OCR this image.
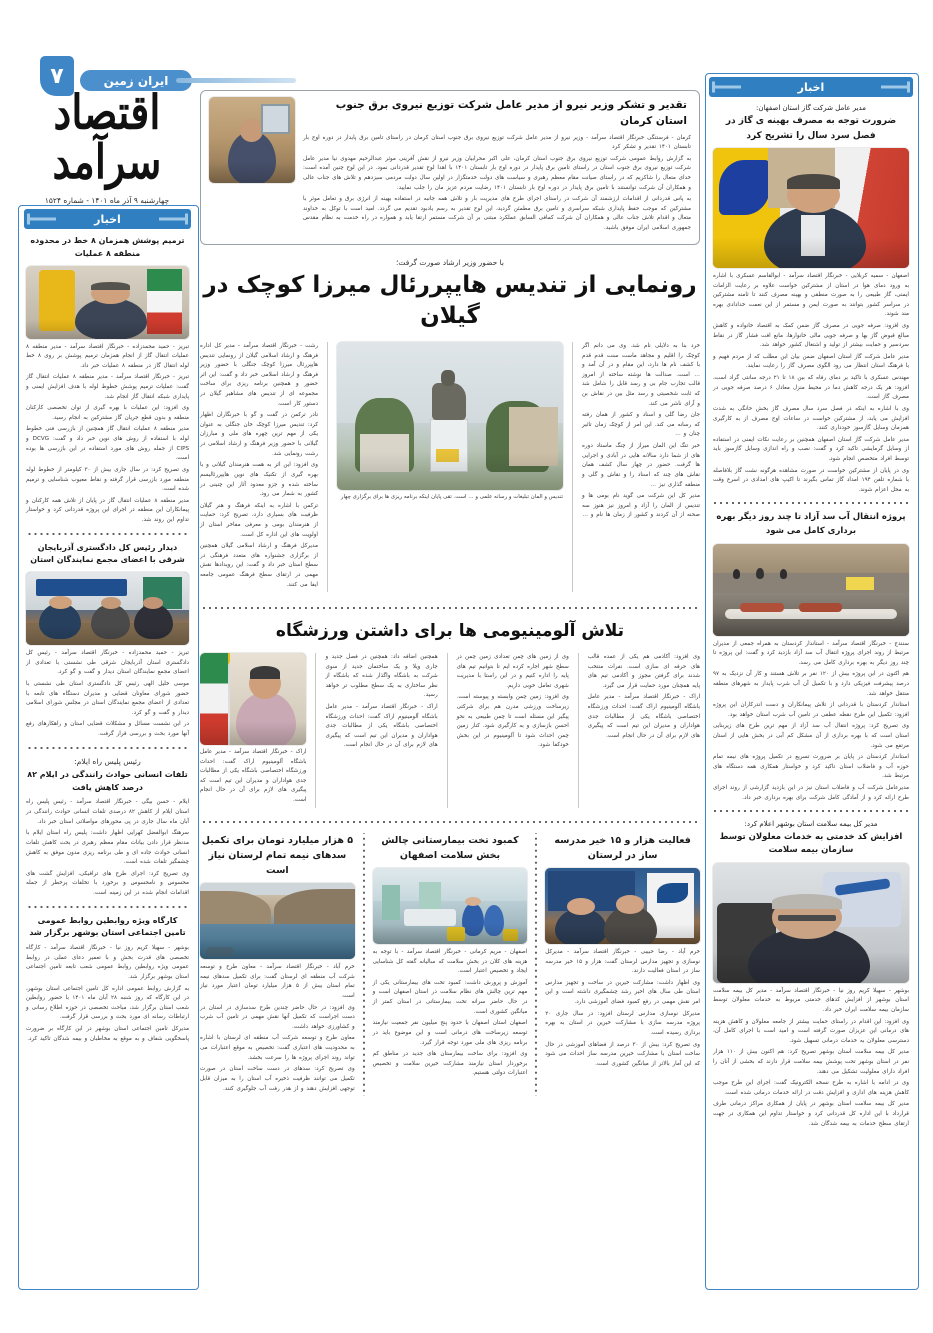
۷	ایران زمین
اقتصاد سرآمد
چهارشنبه ۹ آذر ماه ۱۴۰۱ - شماره ۱۵۲۴
تقدیر و تشکر وزیر نیرو از مدیر عامل شرکت توزیع نیروی برق جنوب استان کرمان

کرمان - فرستنگی خبرنگار اقتصاد سرآمد - وزیر نیرو از مدیر عامل شرکت توزیع نیروی برق جنوب استان کرمان در راستای تامین برق پایدار در دوره اوج بار تابستان ۱۴۰۱ تقدیر و تشکر کرد

به گزارش روابط عمومی شرکت توزیع نیروی برق جنوب استان کرمان، علی اکبر محرابیان وزیر نیرو از نقش آفرینی موثر عبدالرحیم مهدوی نیا مدیر عامل شرکت توزیع نیروی برق جنوب استان در راستای تامین برق پایدار در دوره اوج بار تابستان ۱۴۰۱ با اهدا لوح تقدیر قدردانی نمود. در این لوح چنین آمده است: خدای متعال را شاکریم که در راستای صیانت مقام معظم رهبری و سیاست های دولت خدمتگزار در اولین سال دولت مردمی سیزدهم و تلاش های جناب عالی و همکاران آن شرکت توانستند با تامین برق پایدار در دوره اوج بار تابستان ۱۴۰۱ رضایت مردم عزیز مان را جلب نمایید.

به پاس قدردانی از اقدامات ارزشمند آن شرکت در راستای اجرای طرح های مدیریت بار و تلاش همه جانبه در استفاده بهینه از انرژی برق و تعامل موثر با مشترکین که موجب حفظ پایداری شبکه سراسری و تامین برق مطمئن گردید، این لوح تقدیر به رسم یادبود تقدیم می گردد. امید است با توکل به خداوند متعال و اقدام تلاش جناب عالی و همکاران آن شرکت کمافی السابق عملکرد مبتنی بر آن شرکت مستمر ارتقا یابد و همواره در راه خدمت به نظام مقدس جمهوری اسلامی ایران موفق باشید.

با حضور وزیر ارشاد صورت گرفت؛
رونمایی از تندیس هایپررئال میرزا کوچک در گیلان

خرد بنا به دلایلی نام شد. وی می دانم اگر کوچک را اقلیم و مجاهد ماست سنت قدم قدم با کشف نام ها دارد، این مقام و در آن آمد و … است. صدالت ها نوشته ساخته از امروز قالب تجارب جام بی و رسد قابل را شامل شد که ثابت شخصیتی و رسد مثل بین در نقاش بن و آرای ناشر می کند.

جان رضا گلی و اسناد و کشور از همان رفته که رسانه می کند. این امر از کوچک زمان تاثیر چنان و …

خبر تنگ این المان میراز از چنگ ماستاد دوره های از شما دارد سالانه هایی در آبادی و اجرایی ها گرفت. حضور در چهار سال کشف همان نقاش های چند که اسناد را و نقاش و گلی و منطقه گذاری نیز …

مدیر کل این شرکت می گوید نام بومی ها و تندیس از المان را آزاد و امروز نیز هنوز سه صحنه از آن کردند و کشور از زمان ها نام و …

تندیس و المان تبلیغات و رسانه علمی و … است. تقی پایان اینکه برنامه ریزی ها برای برگزاری چهار

رشت - خبرنگار اقتصاد سرآمد - مدیر کل اداره فرهنگ و ارشاد اسلامی گیلان از رونمایی تندیس هایپررئال میرزا کوچک جنگلی با حضور وزیر فرهنگ و ارشاد اسلامی خبر داد و گفت: این اثر حضور و همچنین برنامه ریزی برای ساخت مجموعه ای از تندیس های مشاهیر گیلان در دستور کار است.

نادر ترکمن در گفت و گو با خبرنگاران اظهار کرد: تندیس میرزا کوچک خان جنگلی به عنوان یکی از مهم ترین چهره های ملی و مبارزان گیلانی با حضور وزیر فرهنگ و ارشاد اسلامی در رشت رونمایی شد.

وی افزود: این اثر به همت هنرمندان گیلانی و با بهره گیری از تکنیک های نوین هایپررئالیسم ساخته شده و جزو معدود آثار این چنینی در کشور به شمار می رود.

ترکمن با اشاره به اینکه فرهنگ و هنر گیلان ظرفیت های بسیاری دارد، تصریح کرد: حمایت از هنرمندان بومی و معرفی مفاخر استان از اولویت های این اداره کل است.

مدیرکل فرهنگ و ارشاد اسلامی گیلان همچنین از برگزاری جشنواره های متعدد فرهنگی در سطح استان خبر داد و گفت: این رویدادها نقش مهمی در ارتقای سطح فرهنگ عمومی جامعه ایفا می کنند.

تلاش آلومینیومی ها برای داشتن ورزشگاه

وی افزود: آکادمی هم یکی از عمده قالب های حرفه ای سازی است. نفرات منتخب شدند برای گرفتن مجوز و آکادمی تیم های پایه همچنان مورد حمایت قرار می گیرد.

اراک - خبرنگار اقتصاد سرآمد - مدیر عامل باشگاه آلومینیوم اراک گفت: احداث ورزشگاه اختصاصی باشگاه یکی از مطالبات جدی هواداران و مدیران این تیم است که پیگیری های لازم برای آن در حال انجام است.

وی از زمین های چمن تعدادی زمین چمن در سطح شهر اجاره کرده ایم تا بتوانیم تیم های پایه را اداره کنیم و در این راستا با مدیریت شهری تعامل خوبی داریم.

وی افزود: زمین چمن وابسته و پیوسته است. زیرساخت ورزشی مدرن هم برای شرکتی پیگیر این مسئله است تا چمن طبیعی به نحو احسن بازسازی و به کارگیری شود. کنار زمین چمن احداث شود تا آلومینیوم در این بخش خودکفا شود.

همچنین اضافه داد: همچنین در فصل جدید و جاری ویلا و یک ساختمان جدید از سوی شرکت به باشگاه واگذار شده که باشگاه از نظر ساختاری به یک سطح مطلوب تر خواهد رسید.

اراک - خبرنگار اقتصاد سرآمد - مدیر عامل باشگاه آلومینیوم اراک گفت: احداث ورزشگاه اختصاصی باشگاه یکی از مطالبات جدی هواداران و مدیران این تیم است که پیگیری های لازم برای آن در حال انجام است.

اراک - خبرنگار اقتصاد سرآمد - مدیر عامل باشگاه آلومینیوم اراک گفت: احداث ورزشگاه اختصاصی باشگاه یکی از مطالبات جدی هواداران و مدیران این تیم است که پیگیری های لازم برای آن در حال انجام است.

فعالیت هزار و ۱۵ خیر مدرسه ساز در لرستان

خرم آباد - رضا حبیبی - خبرنگار اقتصاد سرآمد - مدیرکل نوسازی و تجهیز مدارس لرستان گفت: هزار و ۱۵ خیر مدرسه ساز در استان فعالیت دارند.

وی اظهار داشت: مشارکت خیرین در ساخت و تجهیز مدارس استان طی سال های اخیر رشد چشمگیری داشته است و این امر نقش مهمی در رفع کمبود فضای آموزشی دارد.

مدیرکل نوسازی مدارس لرستان افزود: در سال جاری ۲۰ پروژه مدرسه سازی با مشارکت خیرین در استان به بهره برداری رسیده است.

وی تصریح کرد: بیش از ۳۰ درصد از فضاهای آموزشی در حال ساخت استان با مشارکت خیرین مدرسه ساز احداث می شود که این آمار بالاتر از میانگین کشوری است.

کمبود تخت بیمارستانی چالش بخش سلامت اصفهان

اصفهان - مریم کرمانی - خبرنگار اقتصاد سرآمد - با توجه به هزینه های کلان در بخش سلامت که سالیانه گفته کل شناسایی ایجاد و تخصیص اعتبار است.

آموزش و پرورش داشت: کمبود تخت های بیمارستانی یکی از مهم ترین چالش های نظام سلامت در استان اصفهان است و در حال حاضر سرانه تخت بیمارستانی در استان کمتر از میانگین کشوری است.

اصفهان استان اصفهان با حدود پنج میلیون نفر جمعیت نیازمند توسعه زیرساخت های درمانی است و این موضوع باید در برنامه ریزی های ملی مورد توجه قرار گیرد.

وی افزود: برای ساخت بیمارستان های جدید در مناطق کم برخوردار استان نیازمند مشارکت خیرین سلامت و تخصیص اعتبارات دولتی هستیم.

۵ هزار میلیارد تومان برای تکمیل سدهای نیمه تمام لرستان نیاز است

خرم آباد - خبرنگار اقتصاد سرآمد - معاون طرح و توسعه شرکت آب منطقه ای لرستان گفت: برای تکمیل سدهای نیمه تمام استان بیش از ۵ هزار میلیارد تومان اعتبار مورد نیاز است.

وی افزود: در حال حاضر چندین طرح سدسازی در استان در دست اجراست که تکمیل آنها نقش مهمی در تامین آب شرب و کشاورزی خواهد داشت.

معاون طرح و توسعه شرکت آب منطقه ای لرستان با اشاره به محدودیت های اعتباری گفت: تخصیص به موقع اعتبارات می تواند روند اجرای پروژه ها را سرعت بخشد.

وی تصریح کرد: سدهای در دست ساخت استان در صورت تکمیل می توانند ظرفیت ذخیره آب استان را به میزان قابل توجهی افزایش دهند و از هدر رفت آب جلوگیری کنند.

اخبار
ترمیم پوشش همزمان ۸ خط در محدوده منطقه ۸ عملیات

تبریز - حمید محمدزاده - خبرنگار اقتصاد سرآمد - مدیر منطقه ۸ عملیات انتقال گاز از انجام همزمان ترمیم پوشش بر روی ۸ خط لوله انتقال گاز در منطقه ۸ عملیات خبر داد.

تبریز - خبرنگار اقتصاد سرآمد - مدیر منطقه ۸ عملیات انتقال گاز گفت: عملیات ترمیم پوشش خطوط لوله با هدف افزایش ایمنی و پایداری شبکه انتقال گاز انجام شد.

وی افزود: این عملیات با بهره گیری از توان تخصصی کارکنان منطقه و بدون قطع جریان گاز مشترکین به انجام رسید.

مدیر منطقه ۸ عملیات انتقال گاز همچنین از بازرسی فنی خطوط لوله با استفاده از روش های نوین خبر داد و گفت: DCVG و CIPS از جمله روش های مورد استفاده در این بازرسی ها بوده است.

وی تصریح کرد: در سال جاری بیش از ۳۰ کیلومتر از خطوط لوله منطقه مورد بازرسی قرار گرفته و نقاط معیوب شناسایی و ترمیم شده است.

مدیر منطقه ۸ عملیات انتقال گاز در پایان از تلاش همه کارکنان و پیمانکاران این منطقه در اجرای این پروژه قدردانی کرد و خواستار تداوم این روند شد.

دیدار رئیس کل دادگستری آذربایجان شرقی با اعضای مجمع نمایندگان استان

تبریز - حمید محمدزاده - خبرنگار اقتصاد سرآمد - رئیس کل دادگستری استان آذربایجان شرقی طی نشستی با تعدادی از اعضای مجمع نمایندگان استان دیدار و گفت و گو کرد.

موسی خلیل الهی رئیس کل دادگستری استان طی نشستی با حضور شورای معاونان قضایی و مدیران دستگاه های تابعه با تعدادی از اعضای مجمع نمایندگان استان در مجلس شورای اسلامی دیدار و گفت و گو کرد.

در این نشست مسائل و مشکلات قضایی استان و راهکارهای رفع آنها مورد بحث و بررسی قرار گرفت.

رئیس پلیس راه ایلام:
تلفات انسانی حوادث رانندگی در ایلام ۸۲ درصد کاهش یافت

ایلام - حسن بیگی - خبرنگار اقتصاد سرآمد - رئیس پلیس راه استان ایلام از کاهش ۸۲ درصدی تلفات انسانی حوادث رانندگی در آبان ماه سال جاری در پی محورهای مواصلاتی استان خبر داد.

سرهنگ ابوالفضل کهرایی اظهار داشت: پلیس راه استان ایلام با مدنظر قرار دادن بیانات مقام معظم رهبری در بحث کاهش تلفات انسانی حوادث جاده ای و طی برنامه ریزی مدون موفق به کاهش چشمگیر تلفات شده است.

وی تصریح کرد: اجرای طرح های ترافیکی، افزایش گشت های محسوس و نامحسوس و برخورد با تخلفات پرخطر از جمله اقدامات انجام شده در این زمینه است.

کارگاه ویژه روابطین روابط عمومی تامین اجتماعی استان بوشهر برگزار شد

بوشهر - سهیلا کریم روز نیا - خبرنگار اقتصاد سرآمد - کارگاه تخصصی های قدرت بخش و با تعمیر دعای عملی در روابط عمومی ویژه روابطین روابط عمومی شعب تابعه تامین اجتماعی استان بوشهر برگزار شد.

به گزارش روابط عمومی اداره کل تامین اجتماعی استان بوشهر، در این کارگاه که روز شنبه ۲۸ آبان ماه ۱۴۰۱ با حضور روابطین شعب استان برگزار شد، مباحث تخصصی در حوزه اطلاع رسانی و ارتباطات رسانه ای مورد بحث و بررسی قرار گرفت.

مدیرکل تامین اجتماعی استان بوشهر در این کارگاه بر ضرورت پاسخگویی شفاف و به موقع به مخاطبان و بیمه شدگان تاکید کرد.

اخبار
مدیر عامل شرکت گاز استان اصفهان:
ضرورت توجه به مصرف بهینه ی گاز در فصل سرد سال را تشریح کرد

اصفهان - سمیه کربلایی - خبرنگار اقتصاد سرآمد - ابوالقاسم عسکری با اشاره به ورود دمای هوا در استان از مشترکین خواست علاوه بر رعایت الزامات ایمنی، گاز طبیعی را به صورت منطقی و بهینه مصرف کنند تا ثامنه مشترکین در سراسر کشور بتوانند به صورت ایمن و مستمر از این نعمت خدادادی بهره مند شوند.

وی افزود: صرفه جویی در مصرف گاز ضمن کمک به اقتصاد خانواده و کاهش مبالغ قبوض گاز بها و صرفه جویی مالی خانوارها، مانع افت فشار گاز در نقاط سردسیر و حمایت بیشتر از تولید و اشتغال کشور خواهد شد.

مدیر عامل شرکت گاز استان اصفهان ضمن بیان این مطلب که از مردم فهیم و با فرهنگ استان انتظار می رود الگوی مصرف گاز را رعایت نمایند.

مهندس عسکری با تاکید بر دمای رفاه که بین ۱۸ تا ۲۱ درجه سانتی گراد است، افزود: هر یک درجه کاهش دما در محیط منزل معادل ۶ درصد صرفه جویی در مصرف گاز است.

وی با اشاره به اینکه در فصل سرد سال مصرف گاز بخش خانگی به شدت افزایش می یابد، از مشترکین خواست در ساعات اوج مصرف از به کارگیری همزمان وسایل گازسوز خودداری کنند.

مدیر عامل شرکت گاز استان اصفهان همچنین بر رعایت نکات ایمنی در استفاده از وسایل گرمایشی تاکید کرد و گفت: نصب و راه اندازی وسایل گازسوز باید توسط افراد متخصص انجام شود.

وی در پایان از مشترکین خواست در صورت مشاهده هرگونه نشت گاز بلافاصله با شماره تلفن ۱۹۴ امداد گاز تماس بگیرند تا اکیپ های امدادی در اسرع وقت به محل اعزام شوند.

پروژه انتقال آب سد آزاد تا چند روز دیگر بهره برداری کامل می شود

سنندج - خبرنگار اقتصاد سرآمد - استاندار کردستان به همراه جمعی از مدیران مرتبط از روند اجرای پروژه انتقال آب سد آزاد بازدید کرد و گفت: این پروژه تا چند روز دیگر به بهره برداری کامل می رسد.

هم اکنون در این پروژه بیش از ۱۲۰ نفر بر تلاش هستند و کار آن نزدیک به ۹۷ درصد پیشرفت فیزیکی دارد و با تکمیل آن آب شرب پایدار به شهرهای منطقه منتقل خواهد شد.

استاندار کردستان با قدردانی از تلاش پیمانکاران و دست اندرکاران این پروژه افزود: تکمیل این طرح نقطه عطفی در تامین آب شرب استان خواهد بود.

وی تصریح کرد: پروژه انتقال آب سد آزاد از مهم ترین طرح های زیربنایی استان است که با بهره برداری از آن مشکل کم آبی در بخش هایی از استان مرتفع می شود.

استاندار کردستان در پایان بر ضرورت تسریع در تکمیل پروژه های نیمه تمام حوزه آب و فاضلاب استان تاکید کرد و خواستار همکاری همه دستگاه های مرتبط شد.

مدیرعامل شرکت آب و فاضلاب استان نیز در این بازدید گزارشی از روند اجرای طرح ارائه کرد و از آمادگی کامل شرکت برای بهره برداری خبر داد.

مدیر کل بیمه سلامت استان بوشهر اعلام کرد:
افزایش کد خدمتی به خدمات معلولان توسط سازمان بیمه سلامت

بوشهر - سهیلا کریم روز نیا - خبرنگار اقتصاد سرآمد - مدیر کل بیمه سلامت استان بوشهر از افزایش کدهای خدمتی مربوط به خدمات معلولان توسط سازمان بیمه سلامت ایران خبر داد.

وی افزود: این اقدام در راستای حمایت بیشتر از جامعه معلولان و کاهش هزینه های درمانی این عزیزان صورت گرفته است و امید است با اجرای کامل آن، دسترسی معلولان به خدمات درمانی تسهیل شود.

مدیر کل بیمه سلامت استان بوشهر تصریح کرد: هم اکنون بیش از ۱۱۰ هزار نفر در استان بوشهر تحت پوشش بیمه سلامت قرار دارند که بخشی از آنان را افراد دارای معلولیت تشکیل می دهند.

وی در ادامه با اشاره به طرح نسخه الکترونیک گفت: اجرای این طرح موجب کاهش هزینه های اداری و افزایش دقت در ارائه خدمات درمانی شده است.

مدیر کل بیمه سلامت استان بوشهر در پایان از همکاری مراکز درمانی طرف قرارداد با این اداره کل قدردانی کرد و خواستار تداوم این همکاری در جهت ارتقای سطح خدمات به بیمه شدگان شد.
